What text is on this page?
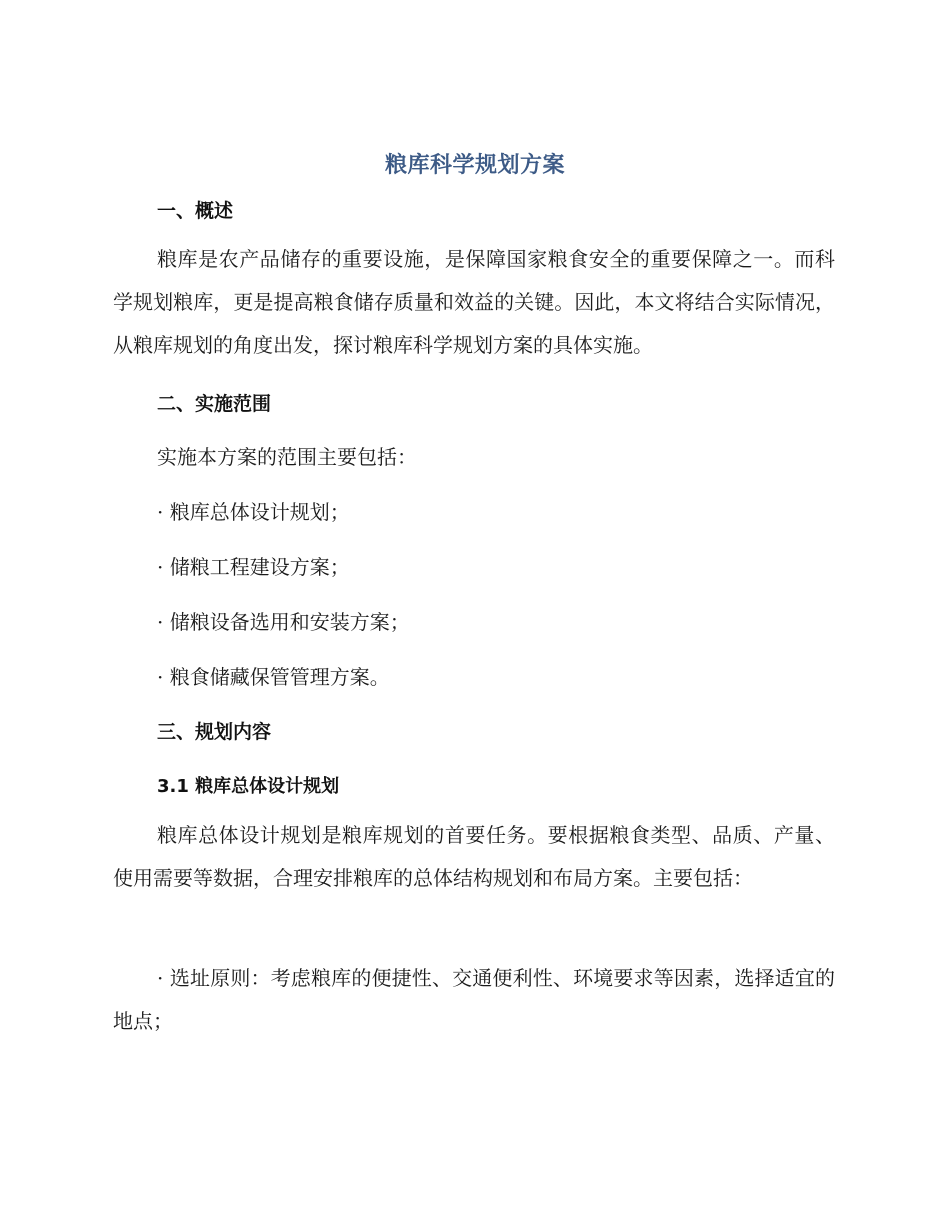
粮库科学规划方案
一、概述

粮库是农产品储存的重要设施，是保障国家粮食安全的重要保障之一。而科学规划粮库，更是提高粮食储存质量和效益的关键。因此，本文将结合实际情况，从粮库规划的角度出发，探讨粮库科学规划方案的具体实施。

二、实施范围
实施本方案的范围主要包括：
· 粮库总体设计规划；
· 储粮工程建设方案；
· 储粮设备选用和安装方案；
· 粮食储藏保管管理方案。
三、规划内容
3.1 粮库总体设计规划

粮库总体设计规划是粮库规划的首要任务。要根据粮食类型、品质、产量、使用需要等数据，合理安排粮库的总体结构规划和布局方案。主要包括：

· 选址原则：考虑粮库的便捷性、交通便利性、环境要求等因素，选择适宜的地点；
